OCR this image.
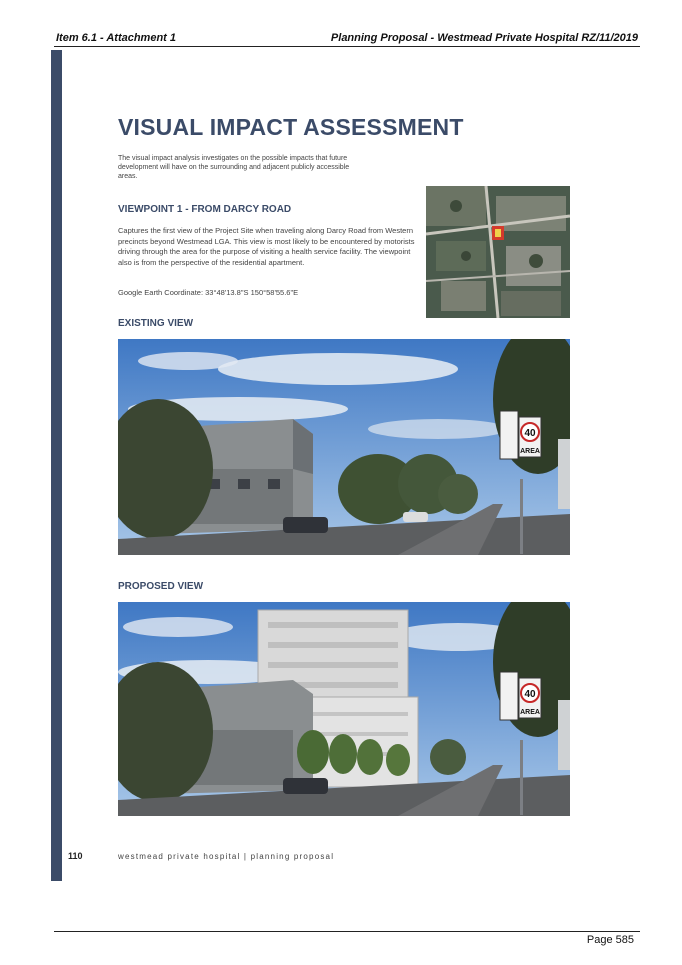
Item 6.1 - Attachment 1	Planning Proposal - Westmead Private Hospital RZ/11/2019
VISUAL IMPACT ASSESSMENT
The visual impact analysis investigates on the possible impacts that future development will have on the surrounding and adjacent publicly accessible areas.
VIEWPOINT 1 - FROM DARCY ROAD
Captures the first view of the Project Site when traveling along Darcy Road from Western precincts beyond Westmead LGA. This view is most likely to be encountered by motorists driving through the area for the purpose of visiting a health service facility. The viewpoint also is from the perspective of the residential apartment.
Google Earth Coordinate: 33°48'13.8"S 150°58'55.6"E
EXISTING VIEW
40
AREA
PROPOSED VIEW
40
AREA
110	westmead private hospital | planning proposal
Page 585
